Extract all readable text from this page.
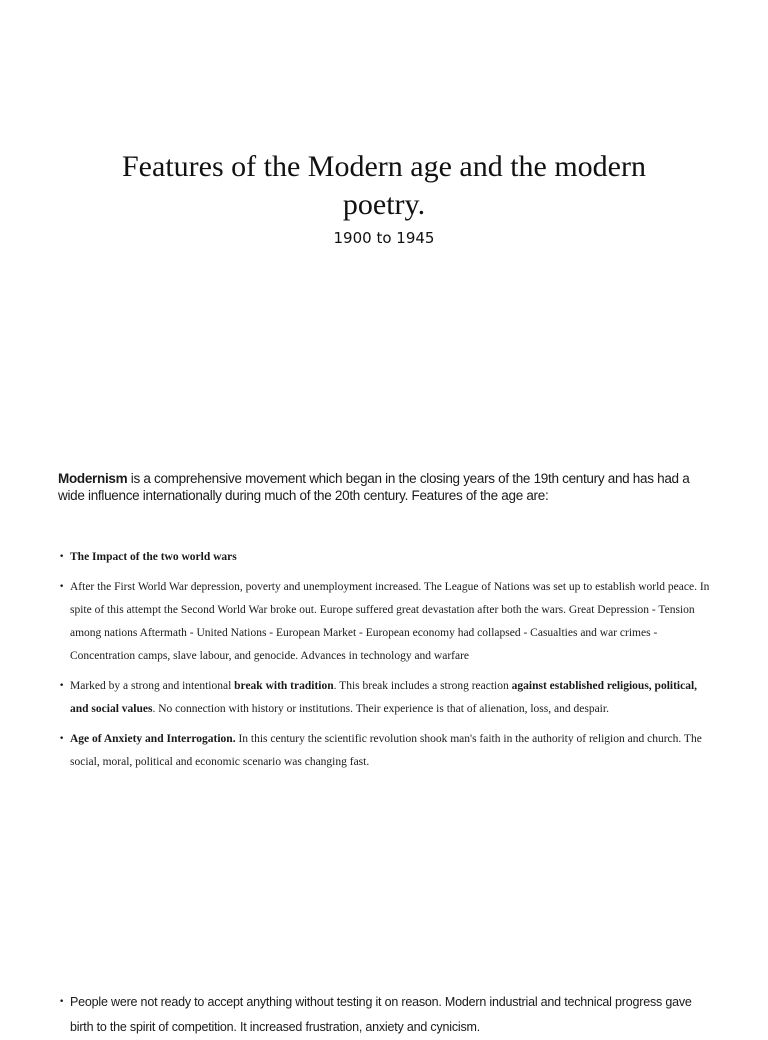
Features of the Modern age and the modern poetry.
1900 to 1945

Modernism is a comprehensive movement which began in the closing years of the 19th century and has had a wide influence internationally during much of the 20th century. Features of the age are:

• The Impact of the two world wars
• After the First World War depression, poverty and unemployment increased. The League of Nations was set up to establish world peace. In spite of this attempt the Second World War broke out. Europe suffered great devastation after both the wars. Great Depression - Tension among nations Aftermath - United Nations - European Market - European economy had collapsed - Casualties and war crimes - Concentration camps, slave labour, and genocide. Advances in technology and warfare
• Marked by a strong and intentional break with tradition. This break includes a strong reaction against established religious, political, and social values. No connection with history or institutions. Their experience is that of alienation, loss, and despair.
• Age of Anxiety and Interrogation. In this century the scientific revolution shook man's faith in the authority of religion and church. The social, moral, political and economic scenario was changing fast.
• People were not ready to accept anything without testing it on reason. Modern industrial and technical progress gave birth to the spirit of competition. It increased frustration, anxiety and cynicism.
